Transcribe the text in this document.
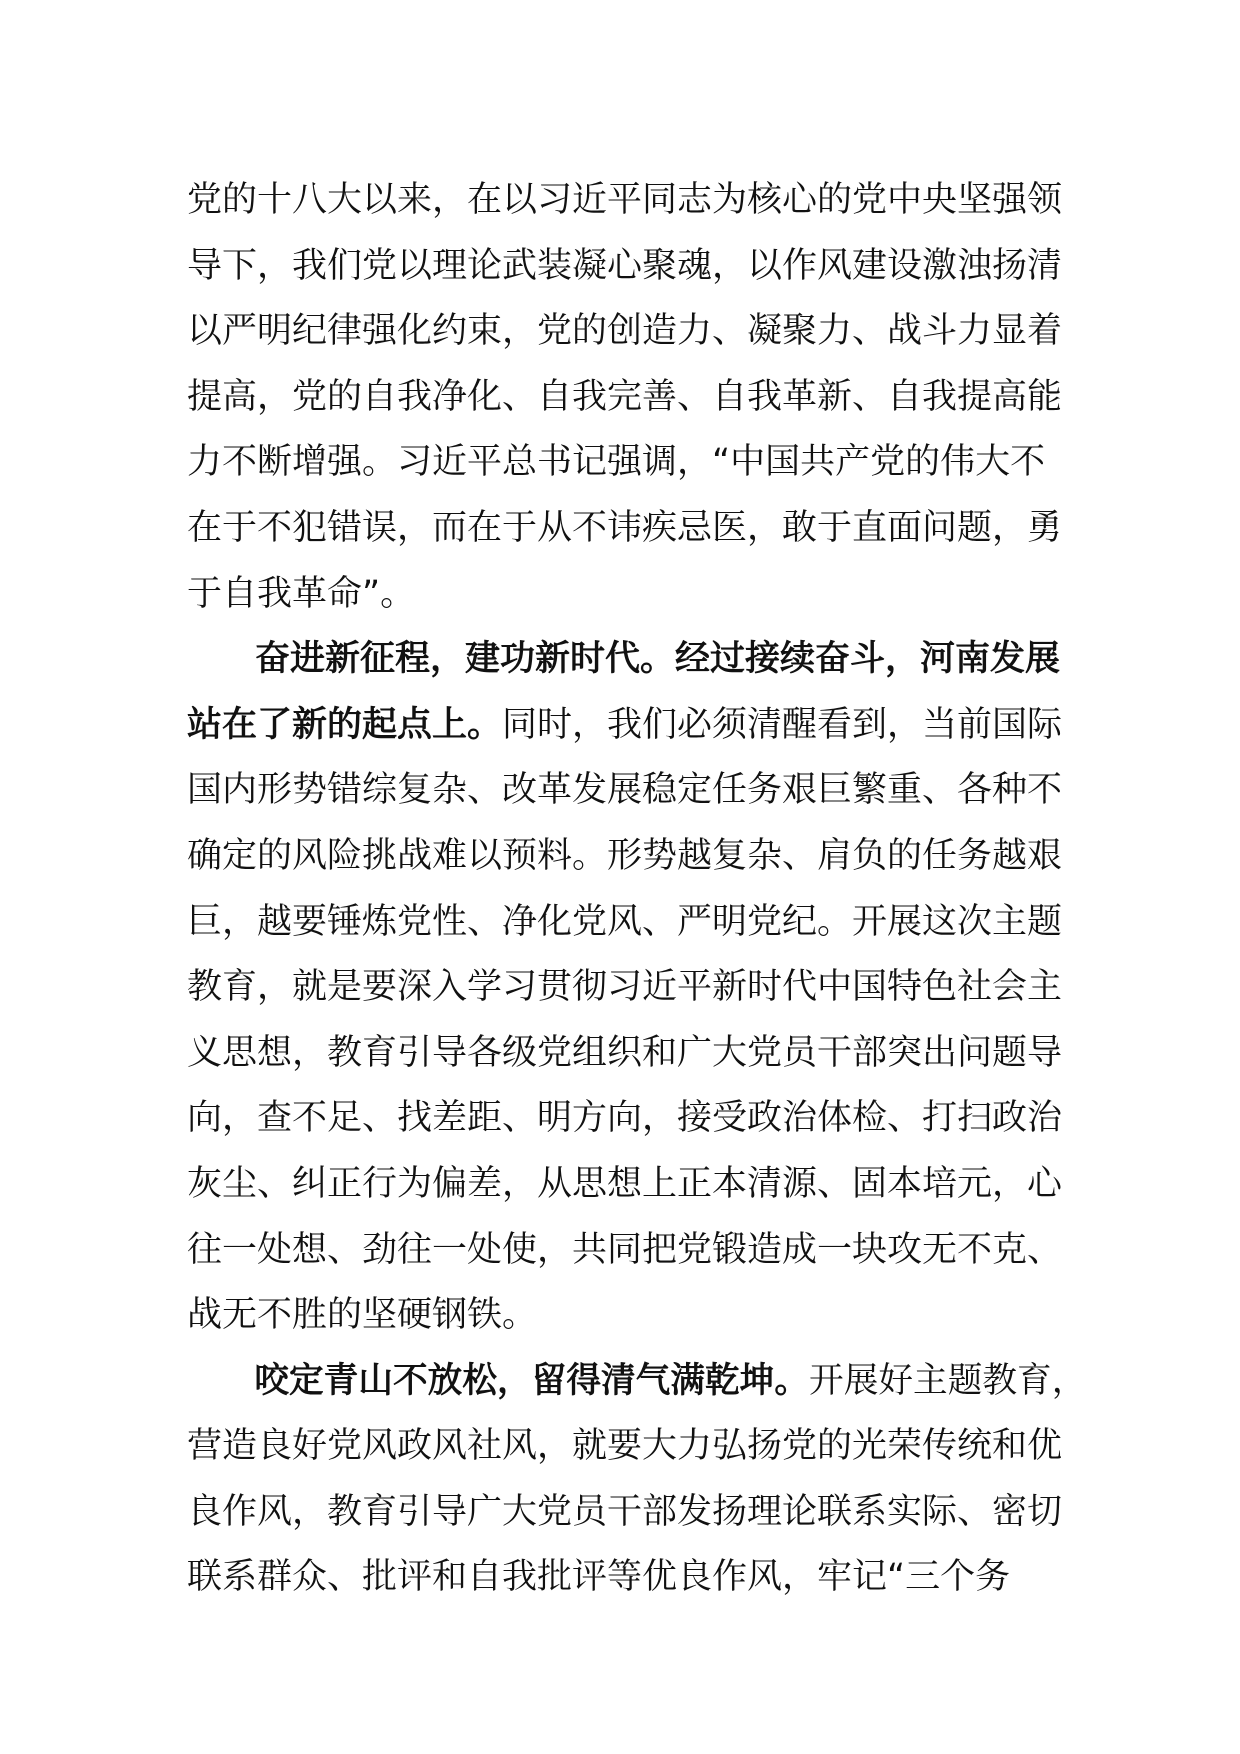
党的十八大以来，在以习近平同志为核心的党中央坚强领
导下，我们党以理论武装凝心聚魂，以作风建设激浊扬清
以严明纪律强化约束，党的创造力、凝聚力、战斗力显着
提高，党的自我净化、自我完善、自我革新、自我提高能
力不断增强。习近平总书记强调，“中国共产党的伟大不
在于不犯错误，而在于从不讳疾忌医，敢于直面问题，勇
于自我革命”。
奋进新征程，建功新时代。经过接续奋斗，河南发展
站在了新的起点上。同时，我们必须清醒看到，当前国际
国内形势错综复杂、改革发展稳定任务艰巨繁重、各种不
确定的风险挑战难以预料。形势越复杂、肩负的任务越艰
巨，越要锤炼党性、净化党风、严明党纪。开展这次主题
教育，就是要深入学习贯彻习近平新时代中国特色社会主
义思想，教育引导各级党组织和广大党员干部突出问题导
向，查不足、找差距、明方向，接受政治体检、打扫政治
灰尘、纠正行为偏差，从思想上正本清源、固本培元，心
往一处想、劲往一处使，共同把党锻造成一块攻无不克、
战无不胜的坚硬钢铁。
咬定青山不放松，留得清气满乾坤。开展好主题教育，
营造良好党风政风社风，就要大力弘扬党的光荣传统和优
良作风，教育引导广大党员干部发扬理论联系实际、密切
联系群众、批评和自我批评等优良作风，牢记“三个务
